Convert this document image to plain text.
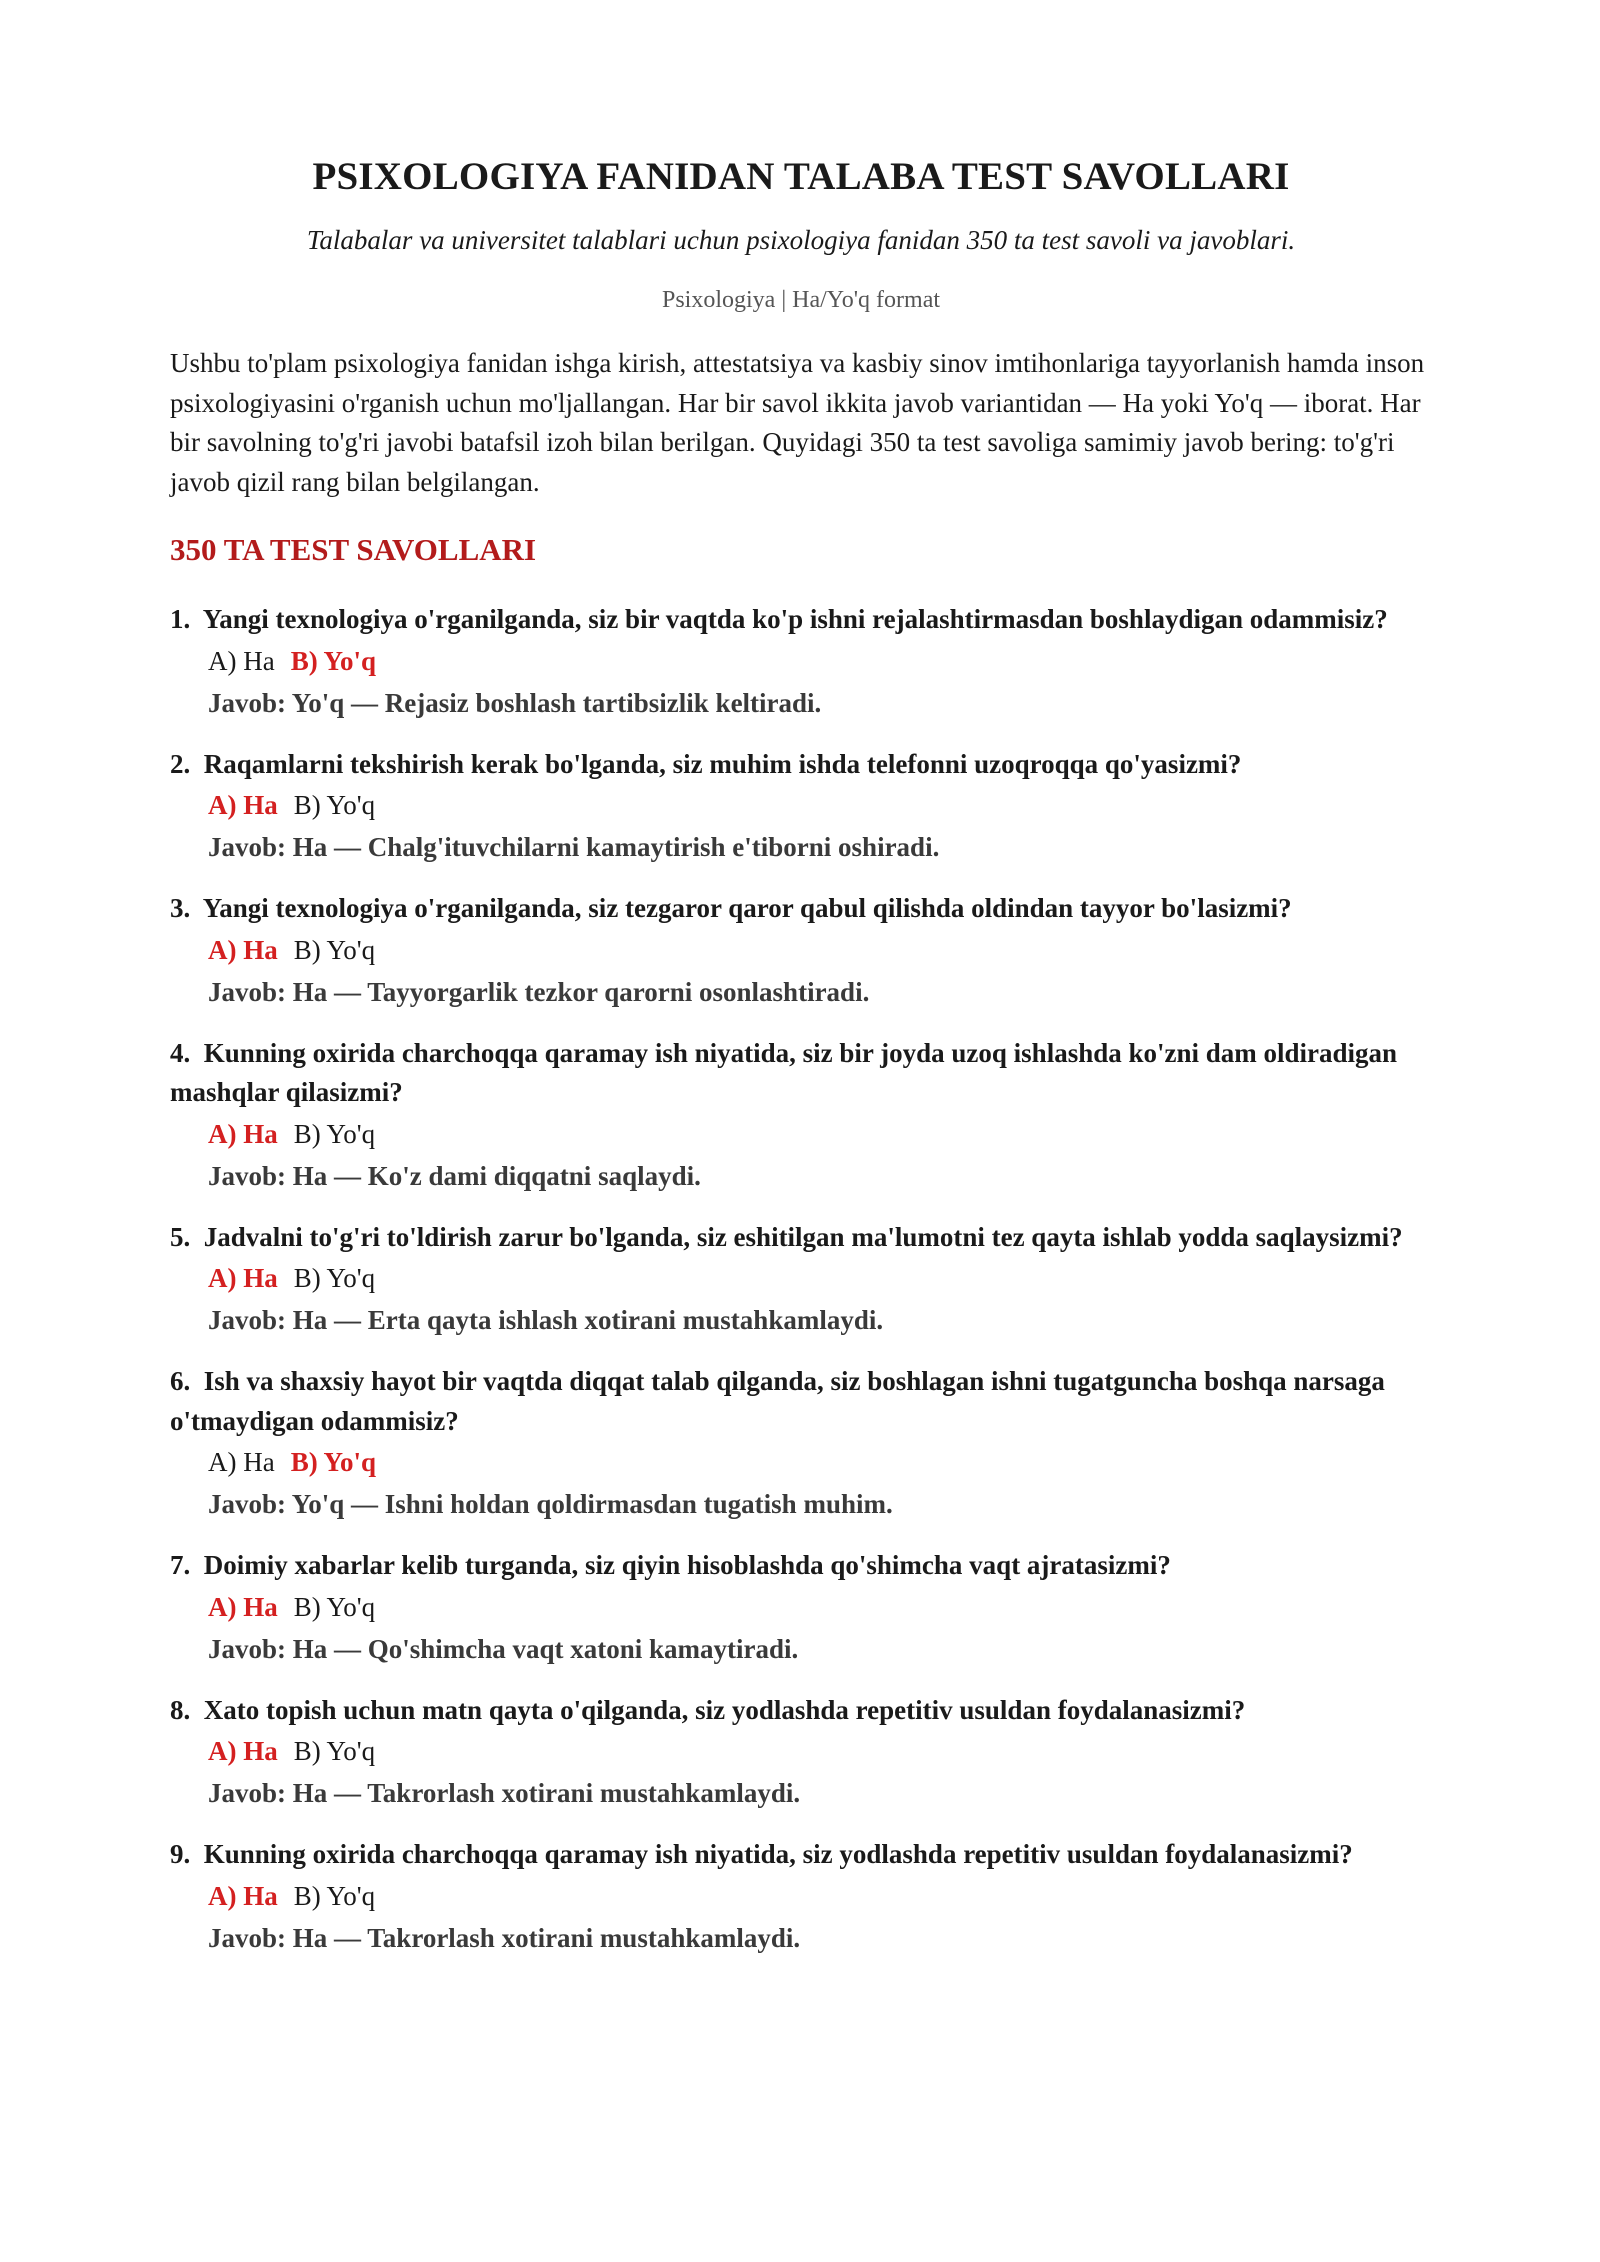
PSIXOLOGIYA FANIDAN TALABA TEST SAVOLLARI
Talabalar va universitet talablari uchun psixologiya fanidan 350 ta test savoli va javoblari.
Psixologiya | Ha/Yo'q format

Ushbu to'plam psixologiya fanidan ishga kirish, attestatsiya va kasbiy sinov imtihonlariga tayyorlanish hamda inson psixologiyasini o'rganish uchun mo'ljallangan. Har bir savol ikkita javob variantidan — Ha yoki Yo'q — iborat. Har bir savolning to'g'ri javobi batafsil izoh bilan berilgan. Quyidagi 350 ta test savoliga samimiy javob bering: to'g'ri javob qizil rang bilan belgilangan.

350 TA TEST SAVOLLARI
1. Yangi texnologiya o'rganilganda, siz bir vaqtda ko'p ishni rejalashtirmasdan boshlaydigan odammisiz?
A) Ha B) Yo'q
Javob: Yo'q — Rejasiz boshlash tartibsizlik keltiradi.
2. Raqamlarni tekshirish kerak bo'lganda, siz muhim ishda telefonni uzoqroqqa qo'yasizmi?
A) Ha B) Yo'q
Javob: Ha — Chalg'ituvchilarni kamaytirish e'tiborni oshiradi.
3. Yangi texnologiya o'rganilganda, siz tezgaror qaror qabul qilishda oldindan tayyor bo'lasizmi?
A) Ha B) Yo'q
Javob: Ha — Tayyorgarlik tezkor qarorni osonlashtiradi.
4. Kunning oxirida charchoqqa qaramay ish niyatida, siz bir joyda uzoq ishlashda ko'zni dam oldiradigan mashqlar qilasizmi?
A) Ha B) Yo'q
Javob: Ha — Ko'z dami diqqatni saqlaydi.
5. Jadvalni to'g'ri to'ldirish zarur bo'lganda, siz eshitilgan ma'lumotni tez qayta ishlab yodda saqlaysizmi?
A) Ha B) Yo'q
Javob: Ha — Erta qayta ishlash xotirani mustahkamlaydi.
6. Ish va shaxsiy hayot bir vaqtda diqqat talab qilganda, siz boshlagan ishni tugatguncha boshqa narsaga o'tmaydigan odammisiz?
A) Ha B) Yo'q
Javob: Yo'q — Ishni holdan qoldirmasdan tugatish muhim.
7. Doimiy xabarlar kelib turganda, siz qiyin hisoblashda qo'shimcha vaqt ajratasizmi?
A) Ha B) Yo'q
Javob: Ha — Qo'shimcha vaqt xatoni kamaytiradi.
8. Xato topish uchun matn qayta o'qilganda, siz yodlashda repetitiv usuldan foydalanasizmi?
A) Ha B) Yo'q
Javob: Ha — Takrorlash xotirani mustahkamlaydi.
9. Kunning oxirida charchoqqa qaramay ish niyatida, siz yodlashda repetitiv usuldan foydalanasizmi?
A) Ha B) Yo'q
Javob: Ha — Takrorlash xotirani mustahkamlaydi.
